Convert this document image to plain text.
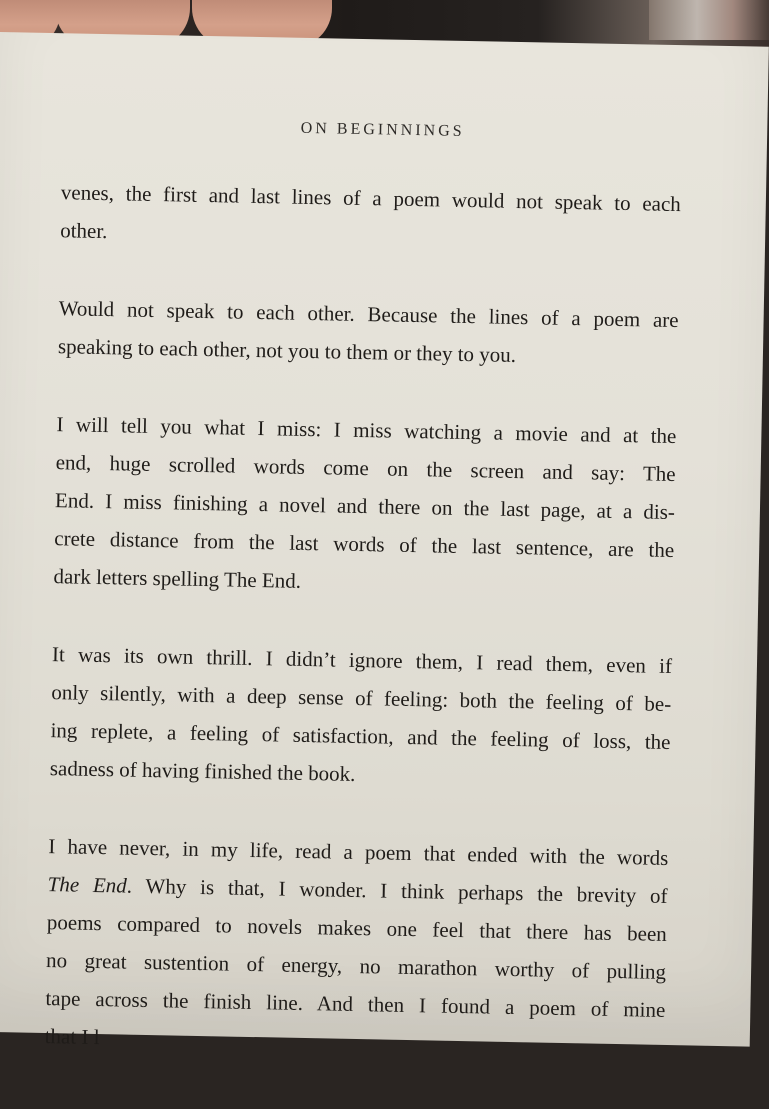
ON BEGINNINGS
venes, the first and last lines of a poem would not speak to each
other.
Would not speak to each other. Because the lines of a poem are
speaking to each other, not you to them or they to you.
I will tell you what I miss: I miss watching a movie and at the
end, huge scrolled words come on the screen and say: The
End. I miss finishing a novel and there on the last page, at a dis-
crete distance from the last words of the last sentence, are the
dark letters spelling The End.
It was its own thrill. I didn’t ignore them, I read them, even if
only silently, with a deep sense of feeling: both the feeling of be-
ing replete, a feeling of satisfaction, and the feeling of loss, the
sadness of having finished the book.
I have never, in my life, read a poem that ended with the words
The End. Why is that, I wonder. I think perhaps the brevity of
poems compared to novels makes one feel that there has been
no great sustention of energy, no marathon worthy of pulling
tape across the finish line. And then I found a poem of mine
that I l
